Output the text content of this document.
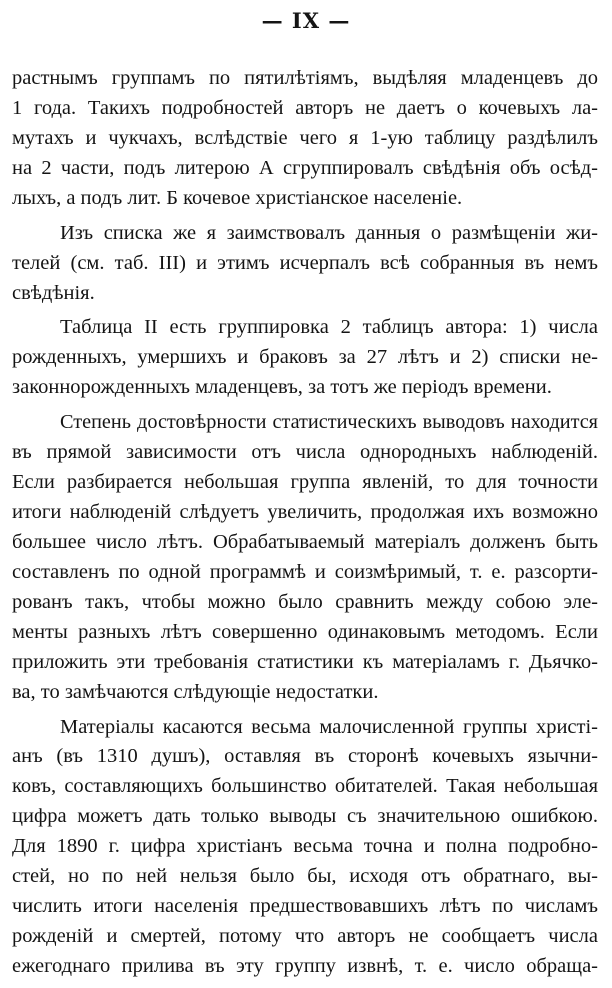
— IX —
растнымъ группамъ по пятилѣтіямъ, выдѣляя младенцевъ до
1 года. Такихъ подробностей авторъ не даетъ о кочевыхъ ла-
мутахъ и чукчахъ, вслѣдствіе чего я 1-ую таблицу раздѣлилъ
на 2 части, подъ литерою А сгруппировалъ свѣдѣнія объ осѣд-
лыхъ, а подъ лит. Б кочевое христіанское населеніе.
Изъ списка же я заимствовалъ данныя о размѣщеніи жи-
телей (см. таб. III) и этимъ исчерпалъ всѣ собранныя въ немъ
свѣдѣнія.
Таблица II есть группировка 2 таблицъ автора: 1) числа
рожденныхъ, умершихъ и браковъ за 27 лѣтъ и 2) списки не-
законнорожденныхъ младенцевъ, за тотъ же періодъ времени.
Степень достовѣрности статистическихъ выводовъ находится
въ прямой зависимости отъ числа однородныхъ наблюденій.
Если разбирается небольшая группа явленій, то для точности
итоги наблюденій слѣдуетъ увеличить, продолжая ихъ возможно
большее число лѣтъ. Обрабатываемый матеріалъ долженъ быть
составленъ по одной программѣ и соизмѣримый, т. е. разсорти-
рованъ такъ, чтобы можно было сравнить между собою эле-
менты разныхъ лѣтъ совершенно одинаковымъ методомъ. Если
приложить эти требованія статистики къ матеріаламъ г. Дьячко-
ва, то замѣчаются слѣдующіе недостатки.
Матеріалы касаются весьма малочисленной группы христі-
анъ (въ 1310 душъ), оставляя въ сторонѣ кочевыхъ язычни-
ковъ, составляющихъ большинство обитателей. Такая небольшая
цифра можетъ дать только выводы съ значительною ошибкою.
Для 1890 г. цифра христіанъ весьма точна и полна подробно-
стей, но по ней нельзя было бы, исходя отъ обратнаго, вы-
числить итоги населенія предшествовавшихъ лѣтъ по числамъ
рожденій и смертей, потому что авторъ не сообщаетъ числа
ежегоднаго прилива въ эту группу извнѣ, т. е. число обраща-
